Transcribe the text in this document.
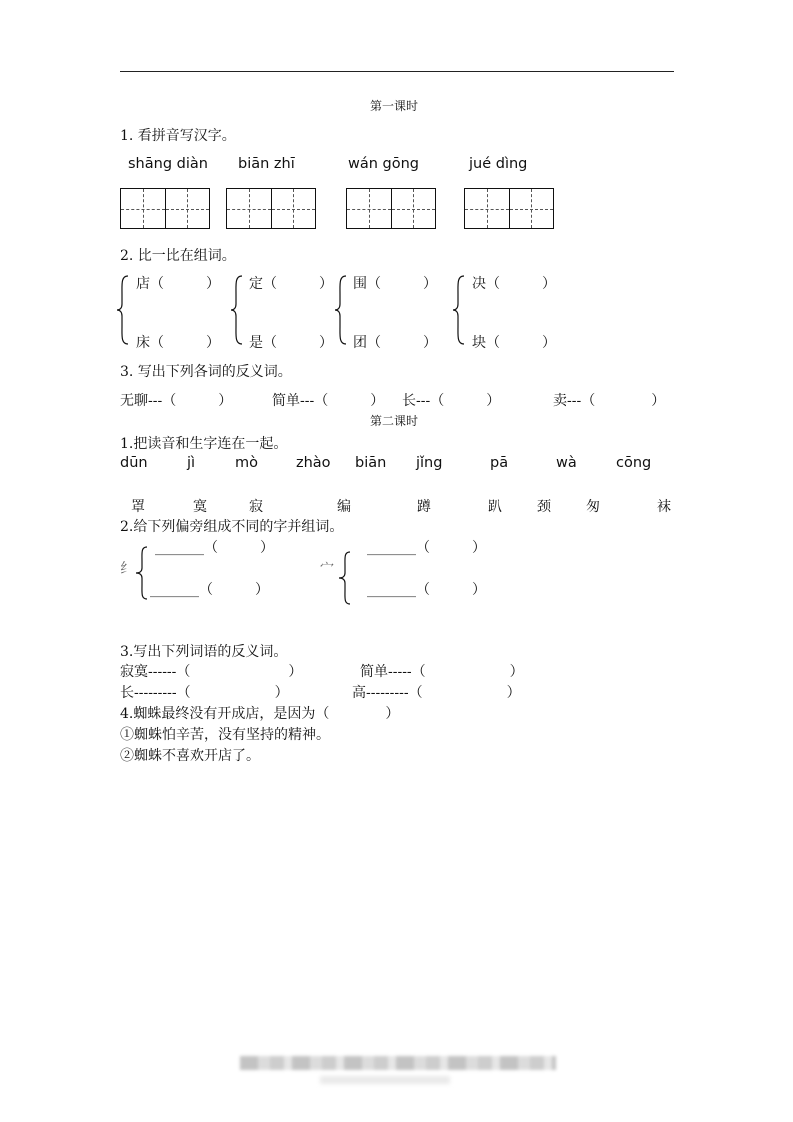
第一课时
1. 看拼音写汉字。
shāng diàn biān zhī	wán gōng	jué dìng
2. 比一比在组词。
店（　　　）
床（　　　）
定（　　　）
是（　　　）
围（　　　）
团（　　　）
决（　　　）
块（　　　）
3. 写出下列各词的反义词。
无聊---（　　　）	简单---（　　　） 长---（　　　）	卖---（　　　　）
第二课时
1.把读音和生字连在一起。
dūn	jì	mò	zhào biān jǐng	pā	wà	cōng
罩	寞	寂	编	蹲	趴	颈	匆	袜
2.给下列偏旁组成不同的字并组词。
纟
_______（　　　）
_______（　　　）
宀
_______（　　　）
_______（　　　）
3.写出下列词语的反义词。
寂寞------（　　　　　　　）	简单-----（　　　　　　）
长---------（　　　　　　）	高---------（　　　　　　）
4.蜘蛛最终没有开成店，是因为（　　　　）
①蜘蛛怕辛苦，没有坚持的精神。
②蜘蛛不喜欢开店了。
